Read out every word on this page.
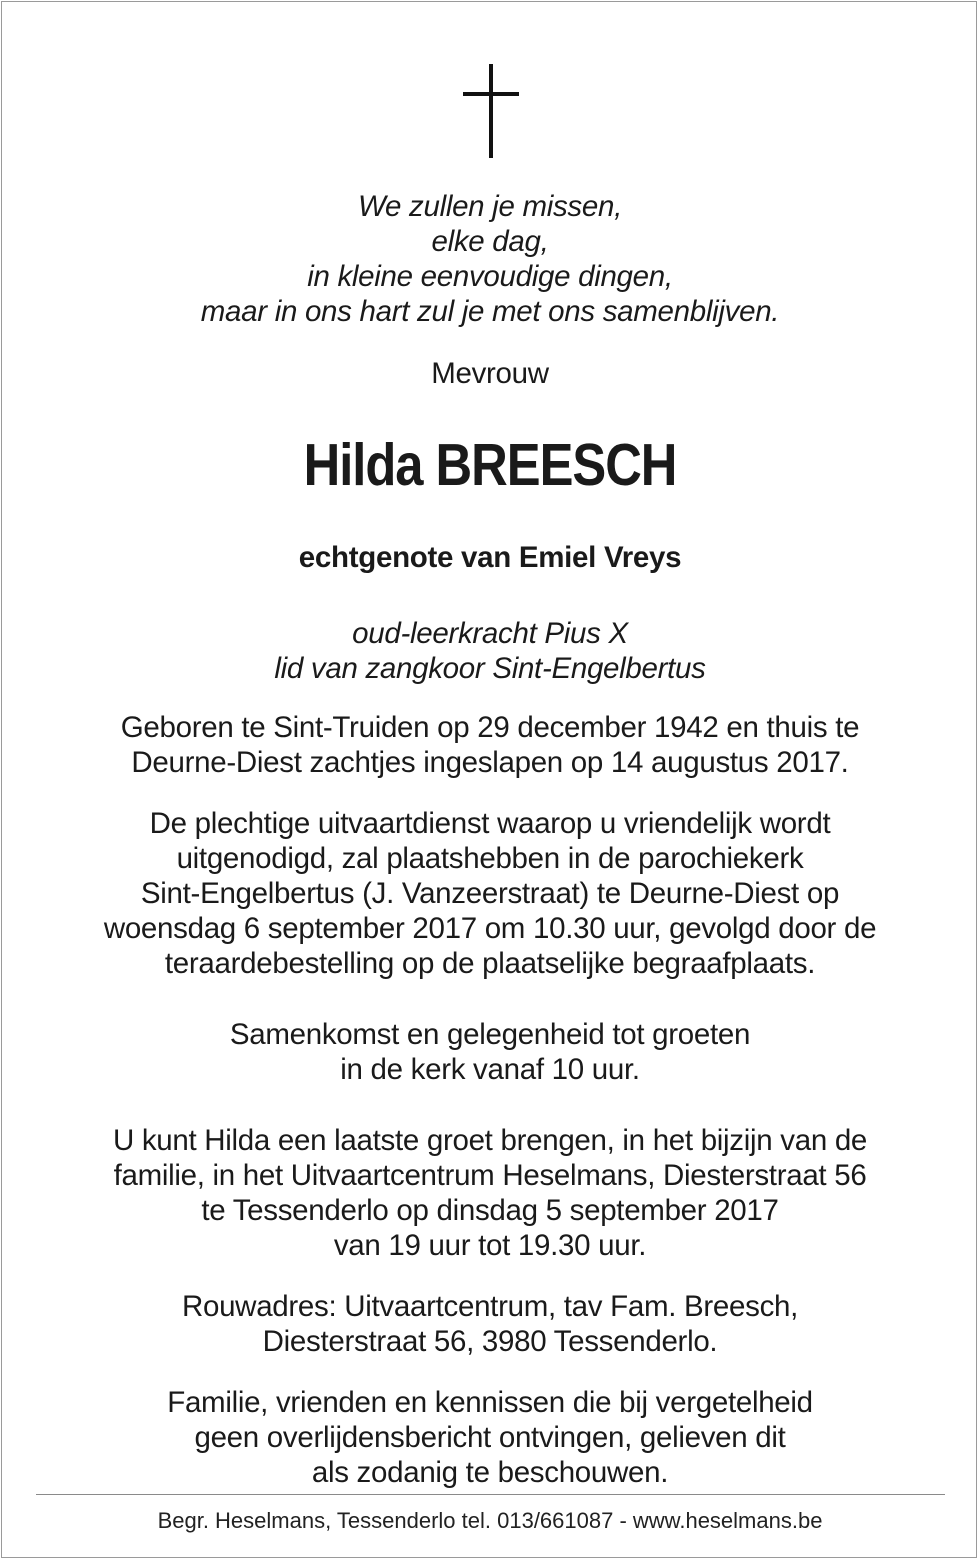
We zullen je missen,
elke dag,
in kleine eenvoudige dingen,
maar in ons hart zul je met ons samenblijven.
Mevrouw
Hilda BREESCH
echtgenote van Emiel Vreys
oud-leerkracht Pius X
lid van zangkoor Sint-Engelbertus
Geboren te Sint-Truiden op 29 december 1942 en thuis te
Deurne-Diest zachtjes ingeslapen op 14 augustus 2017.
De plechtige uitvaartdienst waarop u vriendelijk wordt
uitgenodigd, zal plaatshebben in de parochiekerk
Sint-Engelbertus (J. Vanzeerstraat) te Deurne-Diest op
woensdag 6 september 2017 om 10.30 uur, gevolgd door de
teraardebestelling op de plaatselijke begraafplaats.
Samenkomst en gelegenheid tot groeten
in de kerk vanaf 10 uur.
U kunt Hilda een laatste groet brengen, in het bijzijn van de
familie, in het Uitvaartcentrum Heselmans, Diesterstraat 56
te Tessenderlo op dinsdag 5 september 2017
van 19 uur tot 19.30 uur.
Rouwadres: Uitvaartcentrum, tav Fam. Breesch,
Diesterstraat 56, 3980 Tessenderlo.
Familie, vrienden en kennissen die bij vergetelheid
geen overlijdensbericht ontvingen, gelieven dit
als zodanig te beschouwen.
Begr. Heselmans, Tessenderlo tel. 013/661087 - www.heselmans.be
